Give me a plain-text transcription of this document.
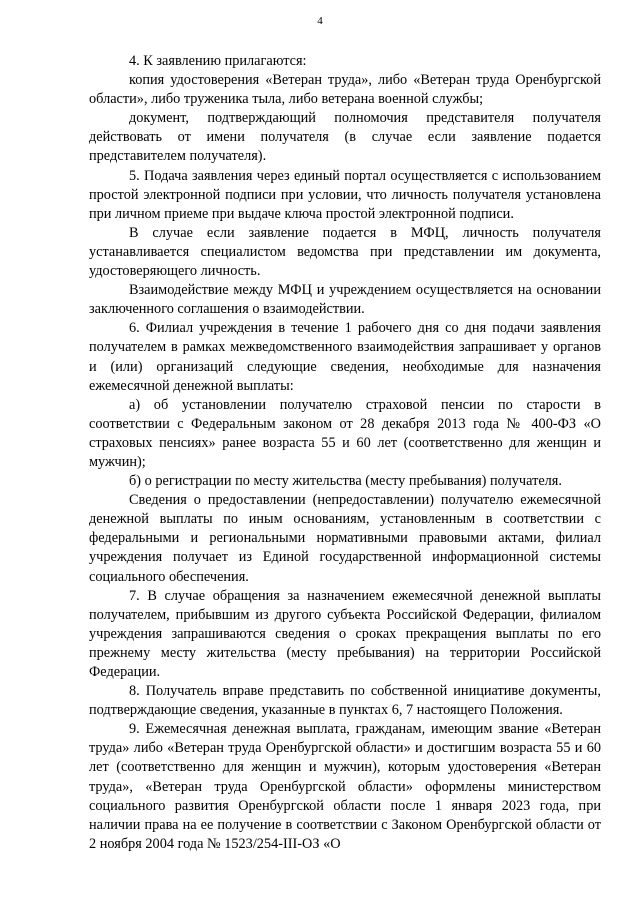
4

4. К заявлению прилагаются:

копия удостоверения «Ветеран труда», либо «Ветеран труда Оренбургской области», либо труженика тыла, либо ветерана военной службы;

документ, подтверждающий полномочия представителя получателя действовать от имени получателя (в случае если заявление подается представителем получателя).

5. Подача заявления через единый портал осуществляется с использованием простой электронной подписи при условии, что личность получателя установлена при личном приеме при выдаче ключа простой электронной подписи.

В случае если заявление подается в МФЦ, личность получателя устанавливается специалистом ведомства при представлении им документа, удостоверяющего личность.

Взаимодействие между МФЦ и учреждением осуществляется на основании заключенного соглашения о взаимодействии.

6. Филиал учреждения в течение 1 рабочего дня со дня подачи заявления получателем в рамках межведомственного взаимодействия запрашивает у органов и (или) организаций следующие сведения, необходимые для назначения ежемесячной денежной выплаты:

а) об установлении получателю страховой пенсии по старости в соответствии с Федеральным законом от 28 декабря 2013 года № 400-ФЗ «О страховых пенсиях» ранее возраста 55 и 60 лет (соответственно для женщин и мужчин);

б) о регистрации по месту жительства (месту пребывания) получателя.

Сведения о предоставлении (непредоставлении) получателю ежемесячной денежной выплаты по иным основаниям, установленным в соответствии с федеральными и региональными нормативными правовыми актами, филиал учреждения получает из Единой государственной информационной системы социального обеспечения.

7. В случае обращения за назначением ежемесячной денежной выплаты получателем, прибывшим из другого субъекта Российской Федерации, филиалом учреждения запрашиваются сведения о сроках прекращения выплаты по его прежнему месту жительства (месту пребывания) на территории Российской Федерации.

8. Получатель вправе представить по собственной инициативе документы, подтверждающие сведения, указанные в пунктах 6, 7 настоящего Положения.

9. Ежемесячная денежная выплата, гражданам, имеющим звание «Ветеран труда» либо «Ветеран труда Оренбургской области» и достигшим возраста 55 и 60 лет (соответственно для женщин и мужчин), которым удостоверения «Ветеран труда», «Ветеран труда Оренбургской области» оформлены министерством социального развития Оренбургской области после 1 января 2023 года, при наличии права на ее получение в соответствии с Законом Оренбургской области от 2 ноября 2004 года № 1523/254-III-ОЗ «О
